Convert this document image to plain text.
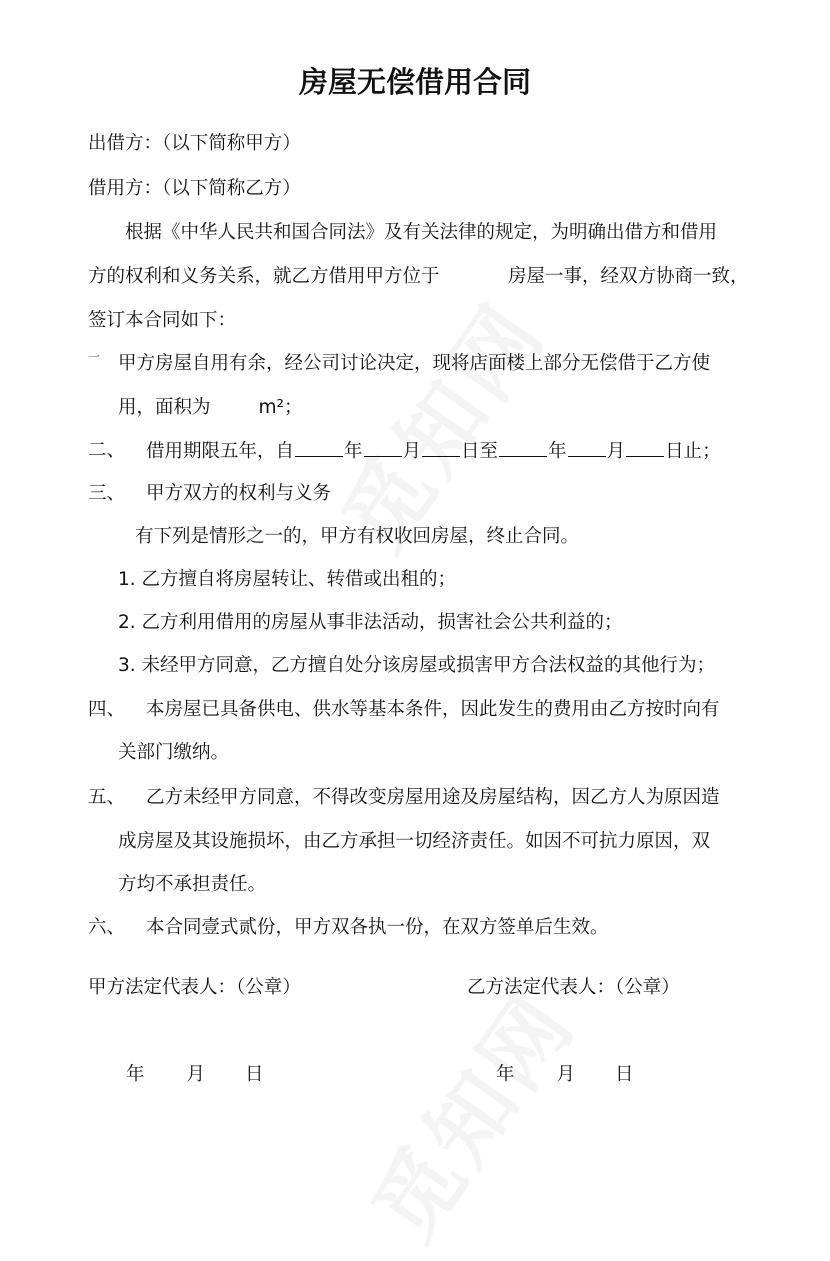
房屋无偿借用合同
出借方：（以下简称甲方）
借用方：（以下简称乙方）
根据《中华人民共和国合同法》及有关法律的规定，为明确出借方和借用
方的权利和义务关系，就乙方借用甲方位于	房屋一事，经双方协商一致，
签订本合同如下：
一 甲方房屋自用有余，经公司讨论决定，现将店面楼上部分无偿借于乙方使
用，面积为	m²；
二、 借用期限五年，自	年 月 日至	年 月 日止；
三、 甲方双方的权利与义务
有下列是情形之一的，甲方有权收回房屋，终止合同。
1. 乙方擅自将房屋转让、转借或出租的；
2. 乙方利用借用的房屋从事非法活动，损害社会公共利益的；
3. 未经甲方同意，乙方擅自处分该房屋或损害甲方合法权益的其他行为；
四、 本房屋已具备供电、供水等基本条件，因此发生的费用由乙方按时向有
关部门缴纳。
五、 乙方未经甲方同意，不得改变房屋用途及房屋结构，因乙方人为原因造
成房屋及其设施损坏，由乙方承担一切经济责任。如因不可抗力原因，双
方均不承担责任。
六、 本合同壹式贰份，甲方双各执一份，在双方签单后生效。
甲方法定代表人：（公章）	乙方法定代表人：（公章）
年 月 日	年 月 日
